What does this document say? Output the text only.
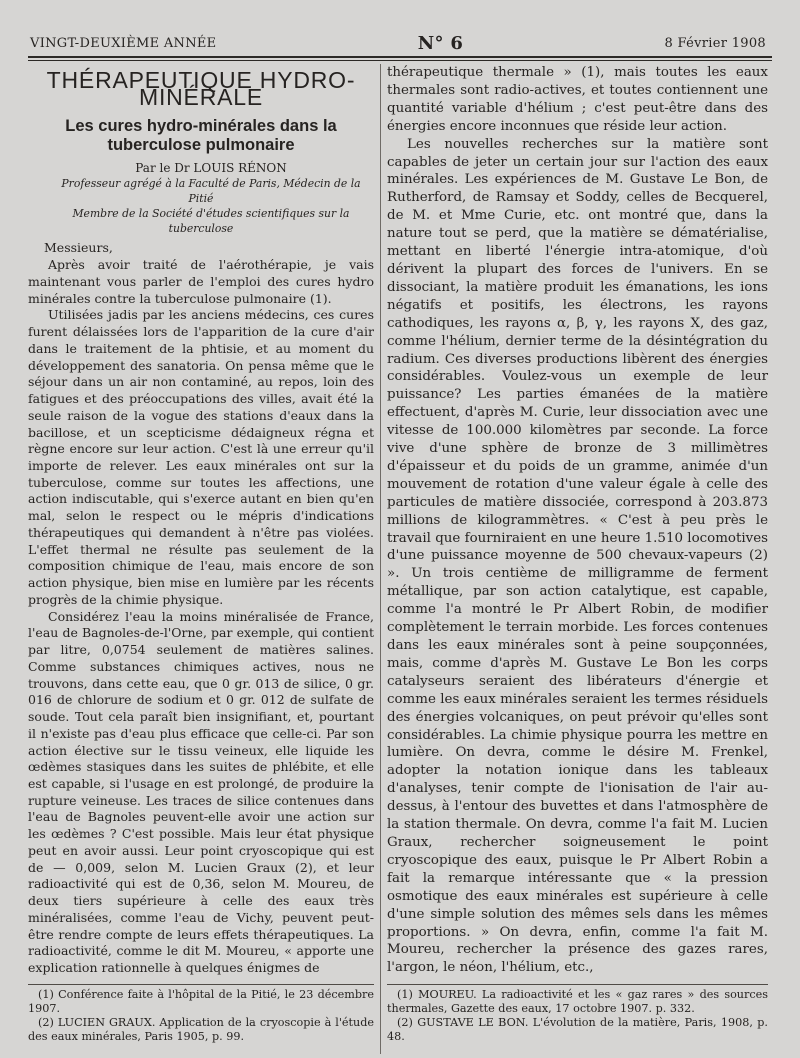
VINGT-DEUXIÈME ANNÉE	N° 6	8 Février 1908
THÉRAPEUTIQUE HYDRO-MINÉRALE
Les cures hydro-minérales dans la tuberculose pulmonaire

Par le Dr LOUIS RÉNON

Professeur agrégé à la Faculté de Paris, Médecin de la Pitié

Membre de la Société d'études scientifiques sur la tuberculose

Messieurs,

Après avoir traité de l'aérothérapie, je vais maintenant vous parler de l'emploi des cures hydro minérales contre la tuberculose pulmonaire (1).

Utilisées jadis par les anciens médecins, ces cures furent délaissées lors de l'apparition de la cure d'air dans le traitement de la phtisie, et au moment du développement des sanatoria. On pensa même que le séjour dans un air non contaminé, au repos, loin des fatigues et des préoccupations des villes, avait été la seule raison de la vogue des stations d'eaux dans la bacillose, et un scepticisme dédaigneux régna et règne encore sur leur action. C'est là une erreur qu'il importe de relever. Les eaux minérales ont sur la tuberculose, comme sur toutes les affections, une action indiscutable, qui s'exerce autant en bien qu'en mal, selon le respect ou le mépris d'indications thérapeutiques qui demandent à n'être pas violées. L'effet thermal ne résulte pas seulement de la composition chimique de l'eau, mais encore de son action physique, bien mise en lumière par les récents progrès de la chimie physique.

Considérez l'eau la moins minéralisée de France, l'eau de Bagnoles-de-l'Orne, par exemple, qui contient par litre, 0,0754 seulement de matières salines. Comme substances chimiques actives, nous ne trouvons, dans cette eau, que 0 gr. 013 de silice, 0 gr. 016 de chlorure de sodium et 0 gr. 012 de sulfate de soude. Tout cela paraît bien insignifiant, et, pourtant il n'existe pas d'eau plus efficace que celle-ci. Par son action élective sur le tissu veineux, elle liquide les œdèmes stasiques dans les suites de phlébite, et elle est capable, si l'usage en est prolongé, de produire la rupture veineuse. Les traces de silice contenues dans l'eau de Bagnoles peuvent-elle avoir une action sur les œdèmes ? C'est possible. Mais leur état physique peut en avoir aussi. Leur point cryoscopique qui est de — 0,009, selon M. Lucien Graux (2), et leur radioactivité qui est de 0,36, selon M. Moureu, de deux tiers supérieure à celle des eaux très minéralisées, comme l'eau de Vichy, peuvent peut-être rendre compte de leurs effets thérapeutiques. La radioactivité, comme le dit M. Moureu, « apporte une explication rationnelle à quelques énigmes de

(1) Conférence faite à l'hôpital de la Pitié, le 23 décembre 1907.

(2) LUCIEN GRAUX. Application de la cryoscopie à l'étude des eaux minérales, Paris 1905, p. 99.

thérapeutique thermale » (1), mais toutes les eaux thermales sont radio-actives, et toutes contiennent une quantité variable d'hélium ; c'est peut-être dans des énergies encore inconnues que réside leur action.

Les nouvelles recherches sur la matière sont capables de jeter un certain jour sur l'action des eaux minérales. Les expériences de M. Gustave Le Bon, de Rutherford, de Ramsay et Soddy, celles de Becquerel, de M. et Mme Curie, etc. ont montré que, dans la nature tout se perd, que la matière se dématérialise, mettant en liberté l'énergie intra-atomique, d'où dérivent la plupart des forces de l'univers. En se dissociant, la matière produit les émanations, les ions négatifs et positifs, les électrons, les rayons cathodiques, les rayons α, β, γ, les rayons X, des gaz, comme l'hélium, dernier terme de la désintégration du radium. Ces diverses productions libèrent des énergies considérables. Voulez-vous un exemple de leur puissance? Les parties émanées de la matière effectuent, d'après M. Curie, leur dissociation avec une vitesse de 100.000 kilomètres par seconde. La force vive d'une sphère de bronze de 3 millimètres d'épaisseur et du poids de un gramme, animée d'un mouvement de rotation d'une valeur égale à celle des particules de matière dissociée, correspond à 203.873 millions de kilogrammètres. « C'est à peu près le travail que fourniraient en une heure 1.510 locomotives d'une puissance moyenne de 500 chevaux-vapeurs (2) ». Un trois centième de milligramme de ferment métallique, par son action catalytique, est capable, comme l'a montré le Pr Albert Robin, de modifier complètement le terrain morbide. Les forces contenues dans les eaux minérales sont à peine soupçonnées, mais, comme d'après M. Gustave Le Bon les corps catalyseurs seraient des libérateurs d'énergie et comme les eaux minérales seraient les termes résiduels des énergies volcaniques, on peut prévoir qu'elles sont considérables. La chimie physique pourra les mettre en lumière. On devra, comme le désire M. Frenkel, adopter la notation ionique dans les tableaux d'analyses, tenir compte de l'ionisation de l'air au-dessus, à l'entour des buvettes et dans l'atmosphère de la station thermale. On devra, comme l'a fait M. Lucien Graux, rechercher soigneusement le point cryoscopique des eaux, puisque le Pr Albert Robin a fait la remarque intéressante que « la pression osmotique des eaux minérales est supérieure à celle d'une simple solution des mêmes sels dans les mêmes proportions. » On devra, enfin, comme l'a fait M. Moureu, rechercher la présence des gazes rares, l'argon, le néon, l'hélium, etc.,

(1) MOUREU. La radioactivité et les « gaz rares » des sources thermales, Gazette des eaux, 17 octobre 1907. p. 332.

(2) GUSTAVE LE BON. L'évolution de la matière, Paris, 1908, p. 48.
